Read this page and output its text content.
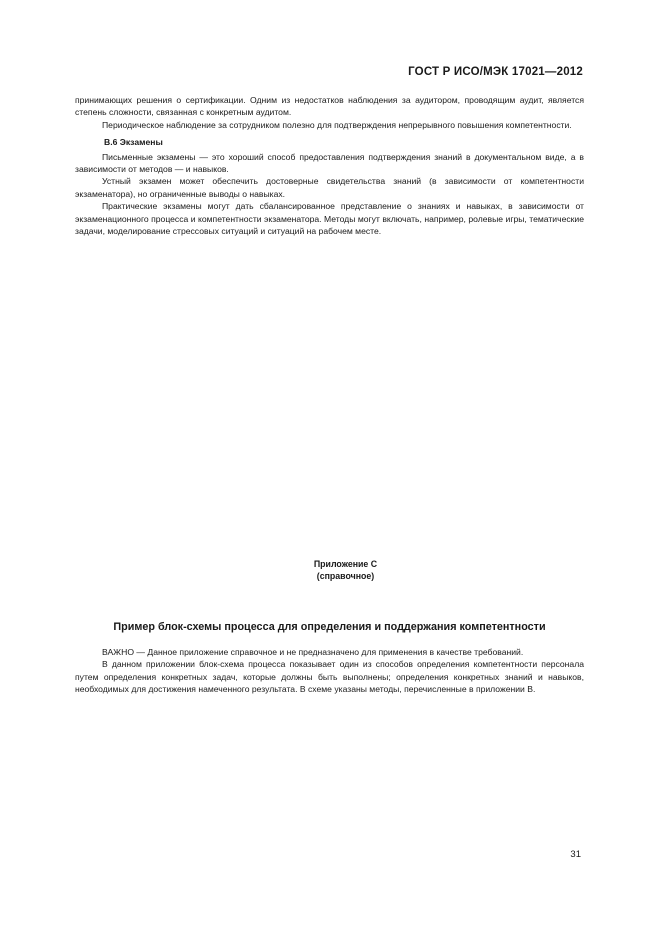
ГОСТ Р ИСО/МЭК 17021—2012

принимающих решения о сертификации. Одним из недостатков наблюдения за аудитором, проводящим аудит, является степень сложности, связанная с конкретным аудитом.

Периодическое наблюдение за сотрудником полезно для подтверждения непрерывного повышения компетентности.

B.6 Экзамены

Письменные экзамены — это хороший способ предоставления подтверждения знаний в документальном виде, а в зависимости от методов — и навыков.

Устный экзамен может обеспечить достоверные свидетельства знаний (в зависимости от компетентности экзаменатора), но ограниченные выводы о навыках.

Практические экзамены могут дать сбалансированное представление о знаниях и навыках, в зависимости от экзаменационного процесса и компетентности экзаменатора. Методы могут включать, например, ролевые игры, тематические задачи, моделирование стрессовых ситуаций и ситуаций на рабочем месте.

Приложение С
(справочное)
Пример блок-схемы процесса для определения и поддержания компетентности

ВАЖНО — Данное приложение справочное и не предназначено для применения в качестве требований.

В данном приложении блок-схема процесса показывает один из способов определения компетентности персонала путем определения конкретных задач, которые должны быть выполнены; определения конкретных знаний и навыков, необходимых для достижения намеченного результата. В схеме указаны методы, перечисленные в приложении В.

31
